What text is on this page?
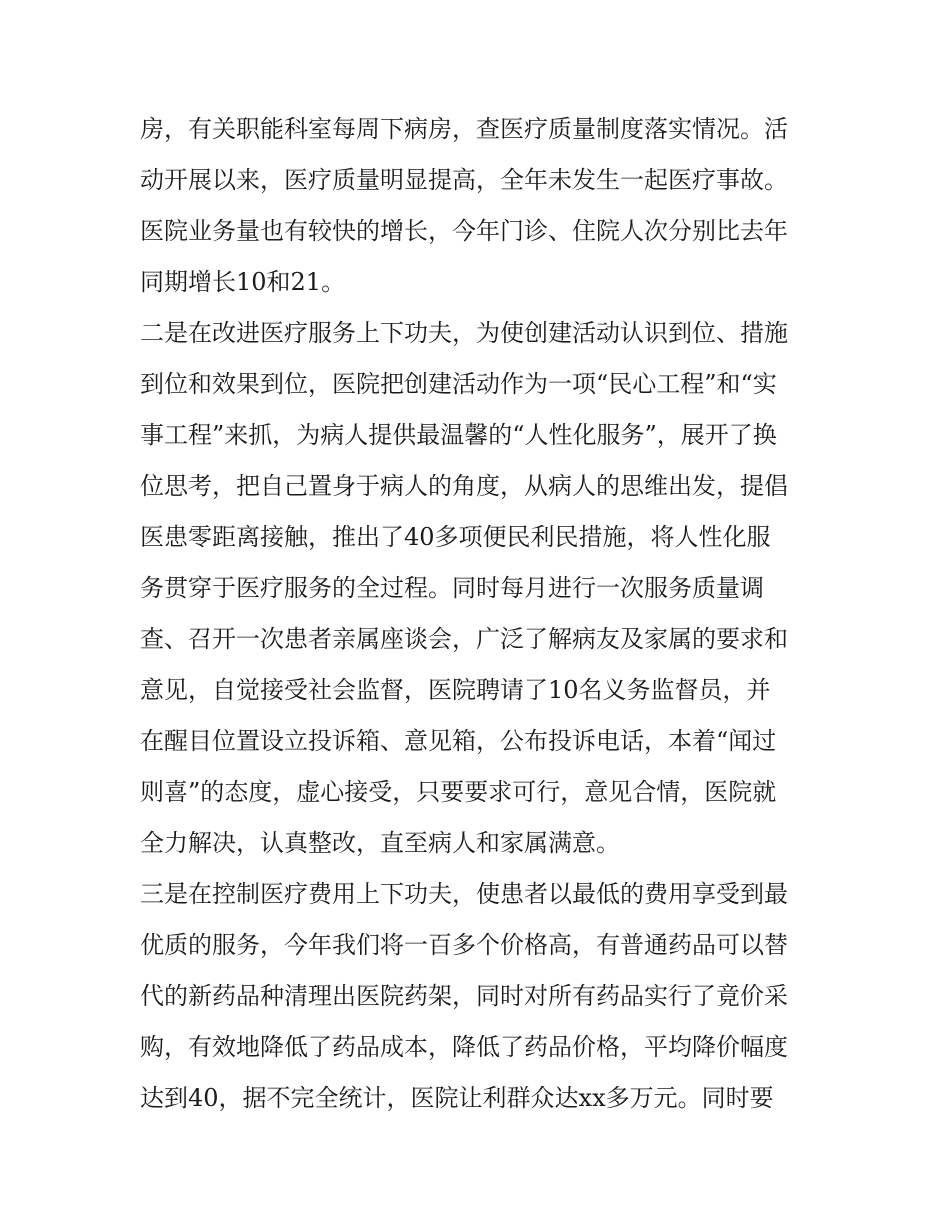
房，有关职能科室每周下病房，查医疗质量制度落实情况。活
动开展以来，医疗质量明显提高，全年未发生一起医疗事故。
医院业务量也有较快的增长，今年门诊、住院人次分别比去年
同期增长10和21。
二是在改进医疗服务上下功夫，为使创建活动认识到位、措施
到位和效果到位，医院把创建活动作为一项“民心工程”和“实
事工程”来抓，为病人提供最温馨的“人性化服务”，展开了换
位思考，把自己置身于病人的角度，从病人的思维出发，提倡
医患零距离接触，推出了40多项便民利民措施，将人性化服
务贯穿于医疗服务的全过程。同时每月进行一次服务质量调
查、召开一次患者亲属座谈会，广泛了解病友及家属的要求和
意见，自觉接受社会监督，医院聘请了10名义务监督员，并
在醒目位置设立投诉箱、意见箱，公布投诉电话，本着“闻过
则喜”的态度，虚心接受，只要要求可行，意见合情，医院就
全力解决，认真整改，直至病人和家属满意。
三是在控制医疗费用上下功夫，使患者以最低的费用享受到最
优质的服务，今年我们将一百多个价格高，有普通药品可以替
代的新药品种清理出医院药架，同时对所有药品实行了竟价采
购，有效地降低了药品成本，降低了药品价格，平均降价幅度
达到40，据不完全统计，医院让利群众达xx多万元。同时要
